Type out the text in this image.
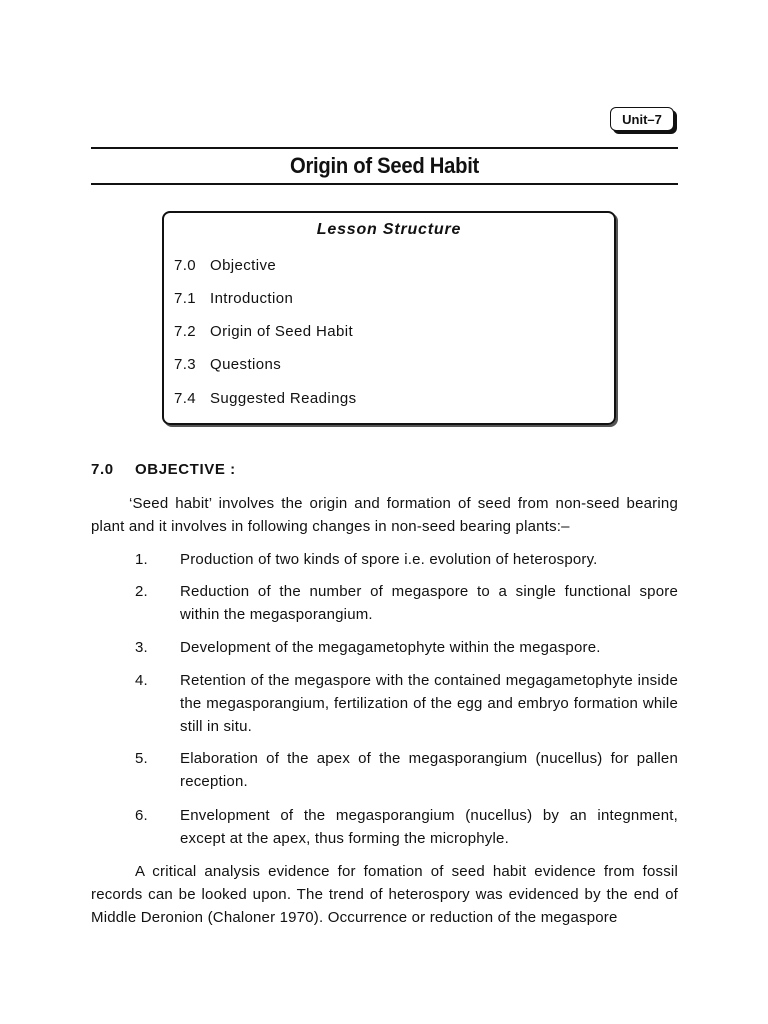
Unit–7
Origin of Seed Habit
Lesson Structure
7.0 Objective
7.1 Introduction
7.2 Origin of Seed Habit
7.3 Questions
7.4 Suggested Readings
7.0 OBJECTIVE :
‘Seed habit’ involves the origin and formation of seed from non-seed bearing plant and it involves in following changes in non-seed bearing plants:–
1. Production of two kinds of spore i.e. evolution of heterospory.
2. Reduction of the number of megaspore to a single functional spore within the megasporangium.
3. Development of the megagametophyte within the megaspore.
4. Retention of the megaspore with the contained megagametophyte inside the megasporangium, fertilization of the egg and embryo formation while still in situ.
5. Elaboration of the apex of the megasporangium (nucellus) for pallen reception.
6. Envelopment of the megasporangium (nucellus) by an integnment, except at the apex, thus forming the microphyle.
A critical analysis evidence for fomation of seed habit evidence from fossil records can be looked upon. The trend of heterospory was evidenced by the end of Middle Deronion (Chaloner 1970). Occurrence or reduction of the megaspore
